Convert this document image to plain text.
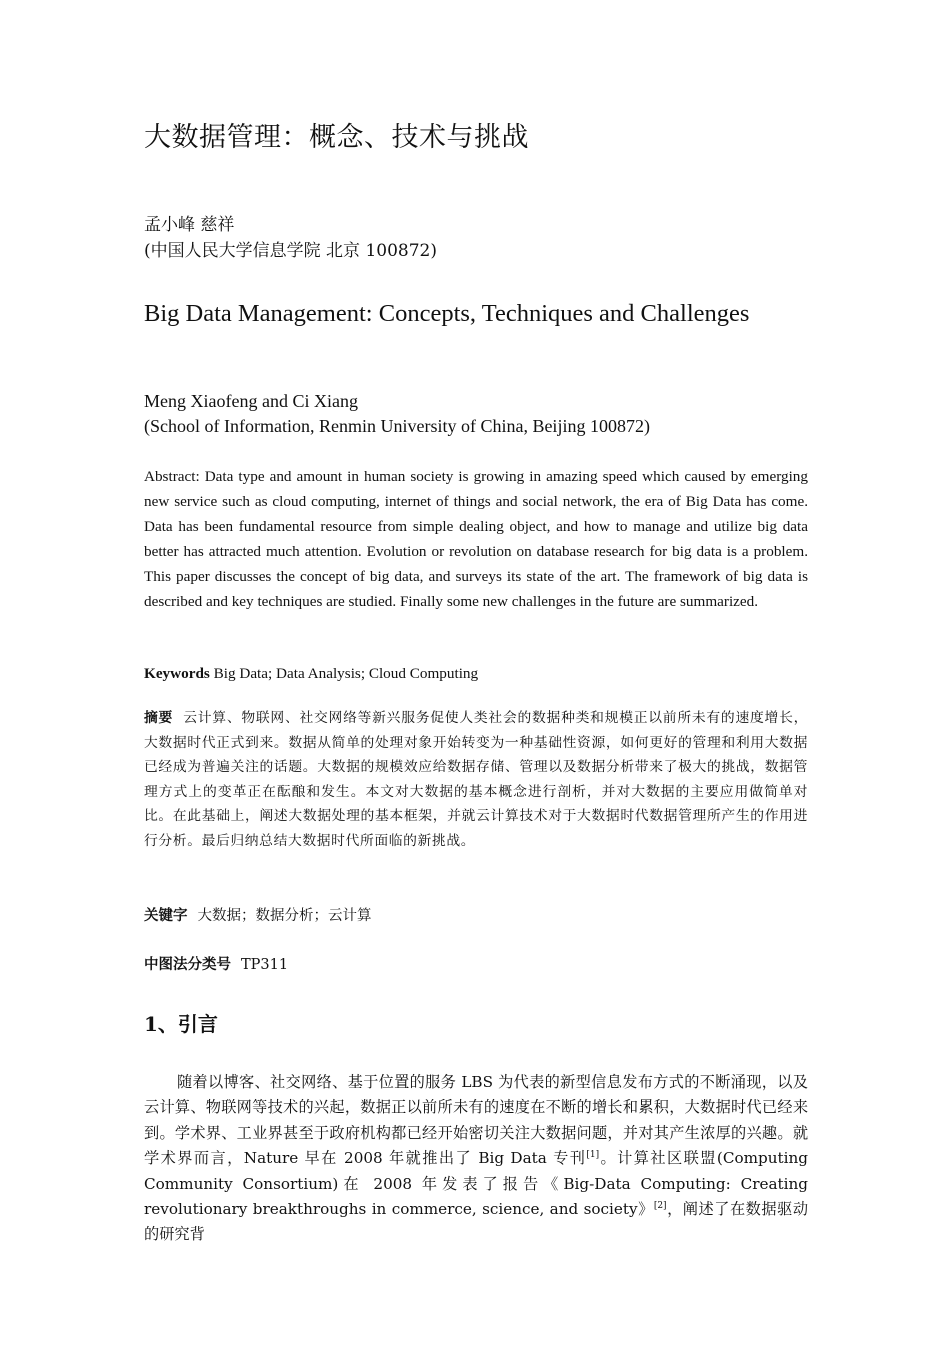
大数据管理：概念、技术与挑战
孟小峰 慈祥
(中国人民大学信息学院 北京 100872)
Big Data Management: Concepts, Techniques and Challenges
Meng Xiaofeng and Ci Xiang
(School of Information, Renmin University of China, Beijing 100872)

Abstract: Data type and amount in human society is growing in amazing speed which caused by emerging new service such as cloud computing, internet of things and social network, the era of Big Data has come. Data has been fundamental resource from simple dealing object, and how to manage and utilize big data better has attracted much attention. Evolution or revolution on database research for big data is a problem. This paper discusses the concept of big data, and surveys its state of the art. The framework of big data is described and key techniques are studied. Finally some new challenges in the future are summarized.

Keywords Big Data; Data Analysis; Cloud Computing

摘要 云计算、物联网、社交网络等新兴服务促使人类社会的数据种类和规模正以前所未有的速度增长，大数据时代正式到来。数据从简单的处理对象开始转变为一种基础性资源，如何更好的管理和利用大数据已经成为普遍关注的话题。大数据的规模效应给数据存储、管理以及数据分析带来了极大的挑战，数据管理方式上的变革正在酝酿和发生。本文对大数据的基本概念进行剖析，并对大数据的主要应用做简单对比。在此基础上，阐述大数据处理的基本框架，并就云计算技术对于大数据时代数据管理所产生的作用进行分析。最后归纳总结大数据时代所面临的新挑战。

关键字 大数据；数据分析；云计算

中图法分类号 TP311

1、引言

随着以博客、社交网络、基于位置的服务 LBS 为代表的新型信息发布方式的不断涌现，以及云计算、物联网等技术的兴起，数据正以前所未有的速度在不断的增长和累积，大数据时代已经来到。学术界、工业界甚至于政府机构都已经开始密切关注大数据问题，并对其产生浓厚的兴趣。就学术界而言，Nature 早在 2008 年就推出了 Big Data 专刊[1]。计算社区联盟(Computing Community Consortium)在 2008 年发表了报告《Big-Data Computing: Creating revolutionary breakthroughs in commerce, science, and society》[2]，阐述了在数据驱动的研究背
